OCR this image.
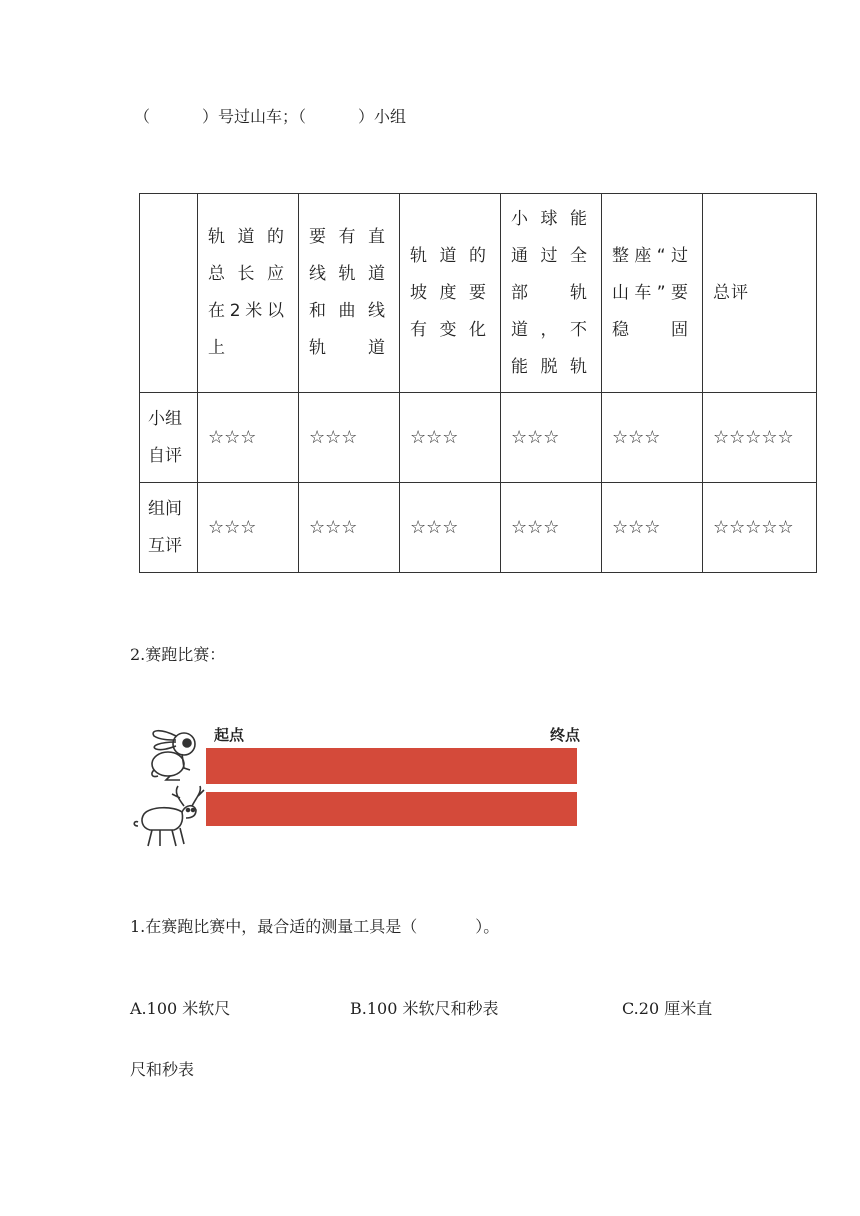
（	）号过山车；（	）小组
	轨道的总长应在2米以上	要有直线轨道和曲线轨道	轨道的坡度要有变化	小球能通过全部轨道，不能脱轨	整座“过山车”要稳固	总评
小组自评	☆☆☆	☆☆☆	☆☆☆	☆☆☆	☆☆☆	☆☆☆☆☆
组间互评	☆☆☆	☆☆☆	☆☆☆	☆☆☆	☆☆☆	☆☆☆☆☆
2.赛跑比赛：
起点	终点
1.在赛跑比赛中，最合适的测量工具是（	）。
A.100 米软尺	B.100 米软尺和秒表	C.20 厘米直
尺和秒表
